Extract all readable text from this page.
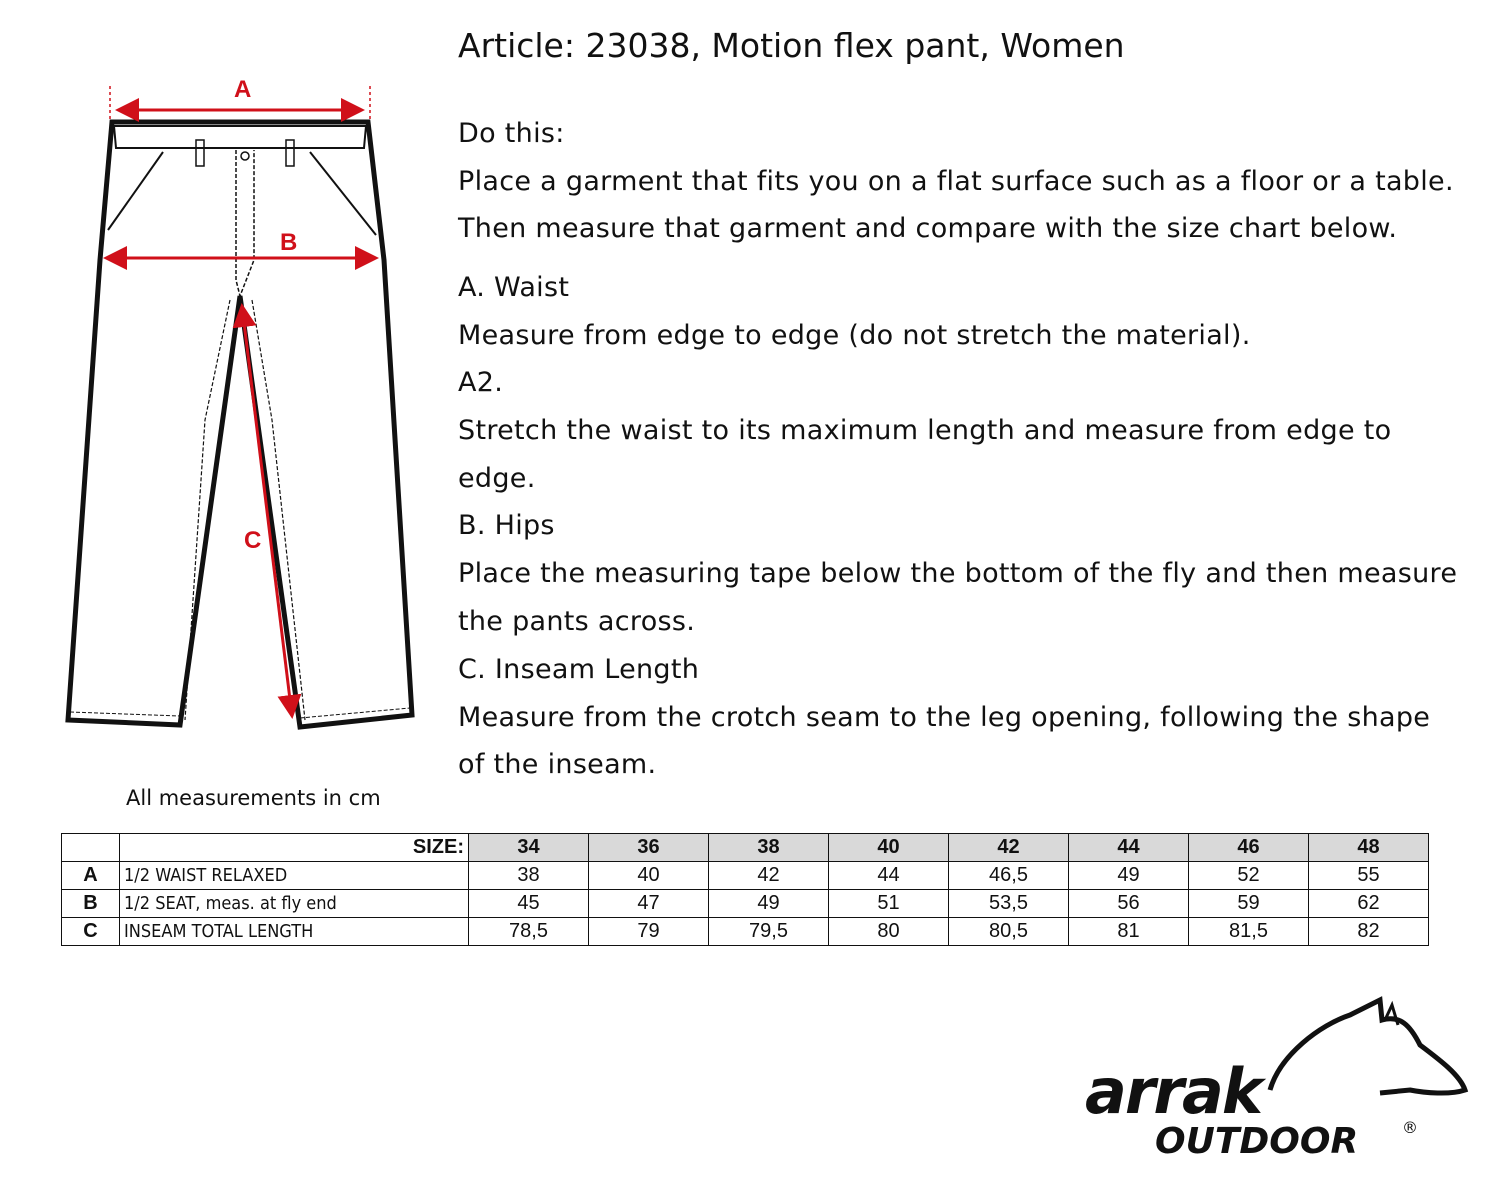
Article: 23038, Motion flex pant, Women
Do this:
Place a garment that fits you on a flat surface such as a floor or a table.
Then measure that garment and compare with the size chart below.
A. Waist
Measure from edge to edge (do not stretch the material).
A2.
Stretch the waist to its maximum length and measure from edge to
edge.
B. Hips
Place the measuring tape below the bottom of the fly and then measure
the pants across.
C. Inseam Length
Measure from the crotch seam to the leg opening, following the shape
of the inseam.
A
B
C
All measurements in cm
	SIZE:	34	36	38	40	42	44	46	48
A	1/2 WAIST RELAXED	38	40	42	44	46,5	49	52	55
B	1/2 SEAT, meas. at fly end	45	47	49	51	53,5	56	59	62
C	INSEAM TOTAL LENGTH	78,5	79	79,5	80	80,5	81	81,5	82
arrak
OUTDOOR	®
